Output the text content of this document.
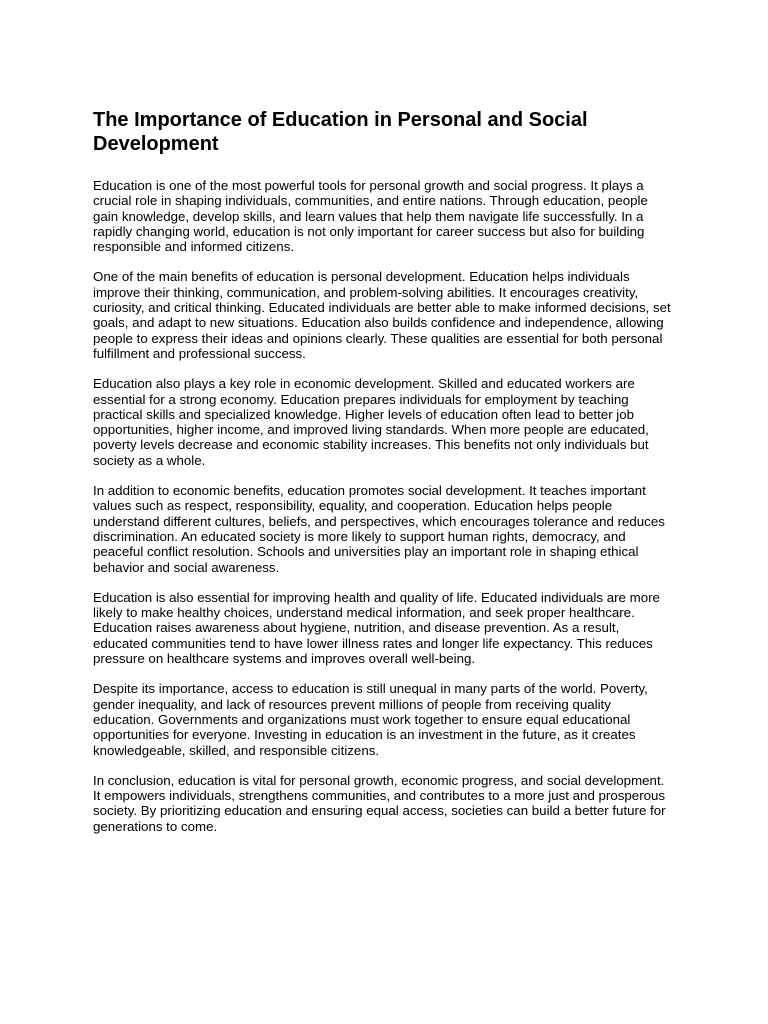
The Importance of Education in Personal and Social Development

Education is one of the most powerful tools for personal growth and social progress. It plays a crucial role in shaping individuals, communities, and entire nations. Through education, people gain knowledge, develop skills, and learn values that help them navigate life successfully. In a rapidly changing world, education is not only important for career success but also for building responsible and informed citizens.

One of the main benefits of education is personal development. Education helps individuals improve their thinking, communication, and problem-solving abilities. It encourages creativity, curiosity, and critical thinking. Educated individuals are better able to make informed decisions, set goals, and adapt to new situations. Education also builds confidence and independence, allowing people to express their ideas and opinions clearly. These qualities are essential for both personal fulfillment and professional success.

Education also plays a key role in economic development. Skilled and educated workers are essential for a strong economy. Education prepares individuals for employment by teaching practical skills and specialized knowledge. Higher levels of education often lead to better job opportunities, higher income, and improved living standards. When more people are educated, poverty levels decrease and economic stability increases. This benefits not only individuals but society as a whole.

In addition to economic benefits, education promotes social development. It teaches important values such as respect, responsibility, equality, and cooperation. Education helps people understand different cultures, beliefs, and perspectives, which encourages tolerance and reduces discrimination. An educated society is more likely to support human rights, democracy, and peaceful conflict resolution. Schools and universities play an important role in shaping ethical behavior and social awareness.

Education is also essential for improving health and quality of life. Educated individuals are more likely to make healthy choices, understand medical information, and seek proper healthcare. Education raises awareness about hygiene, nutrition, and disease prevention. As a result, educated communities tend to have lower illness rates and longer life expectancy. This reduces pressure on healthcare systems and improves overall well-being.

Despite its importance, access to education is still unequal in many parts of the world. Poverty, gender inequality, and lack of resources prevent millions of people from receiving quality education. Governments and organizations must work together to ensure equal educational opportunities for everyone. Investing in education is an investment in the future, as it creates knowledgeable, skilled, and responsible citizens.

In conclusion, education is vital for personal growth, economic progress, and social development. It empowers individuals, strengthens communities, and contributes to a more just and prosperous society. By prioritizing education and ensuring equal access, societies can build a better future for generations to come.
